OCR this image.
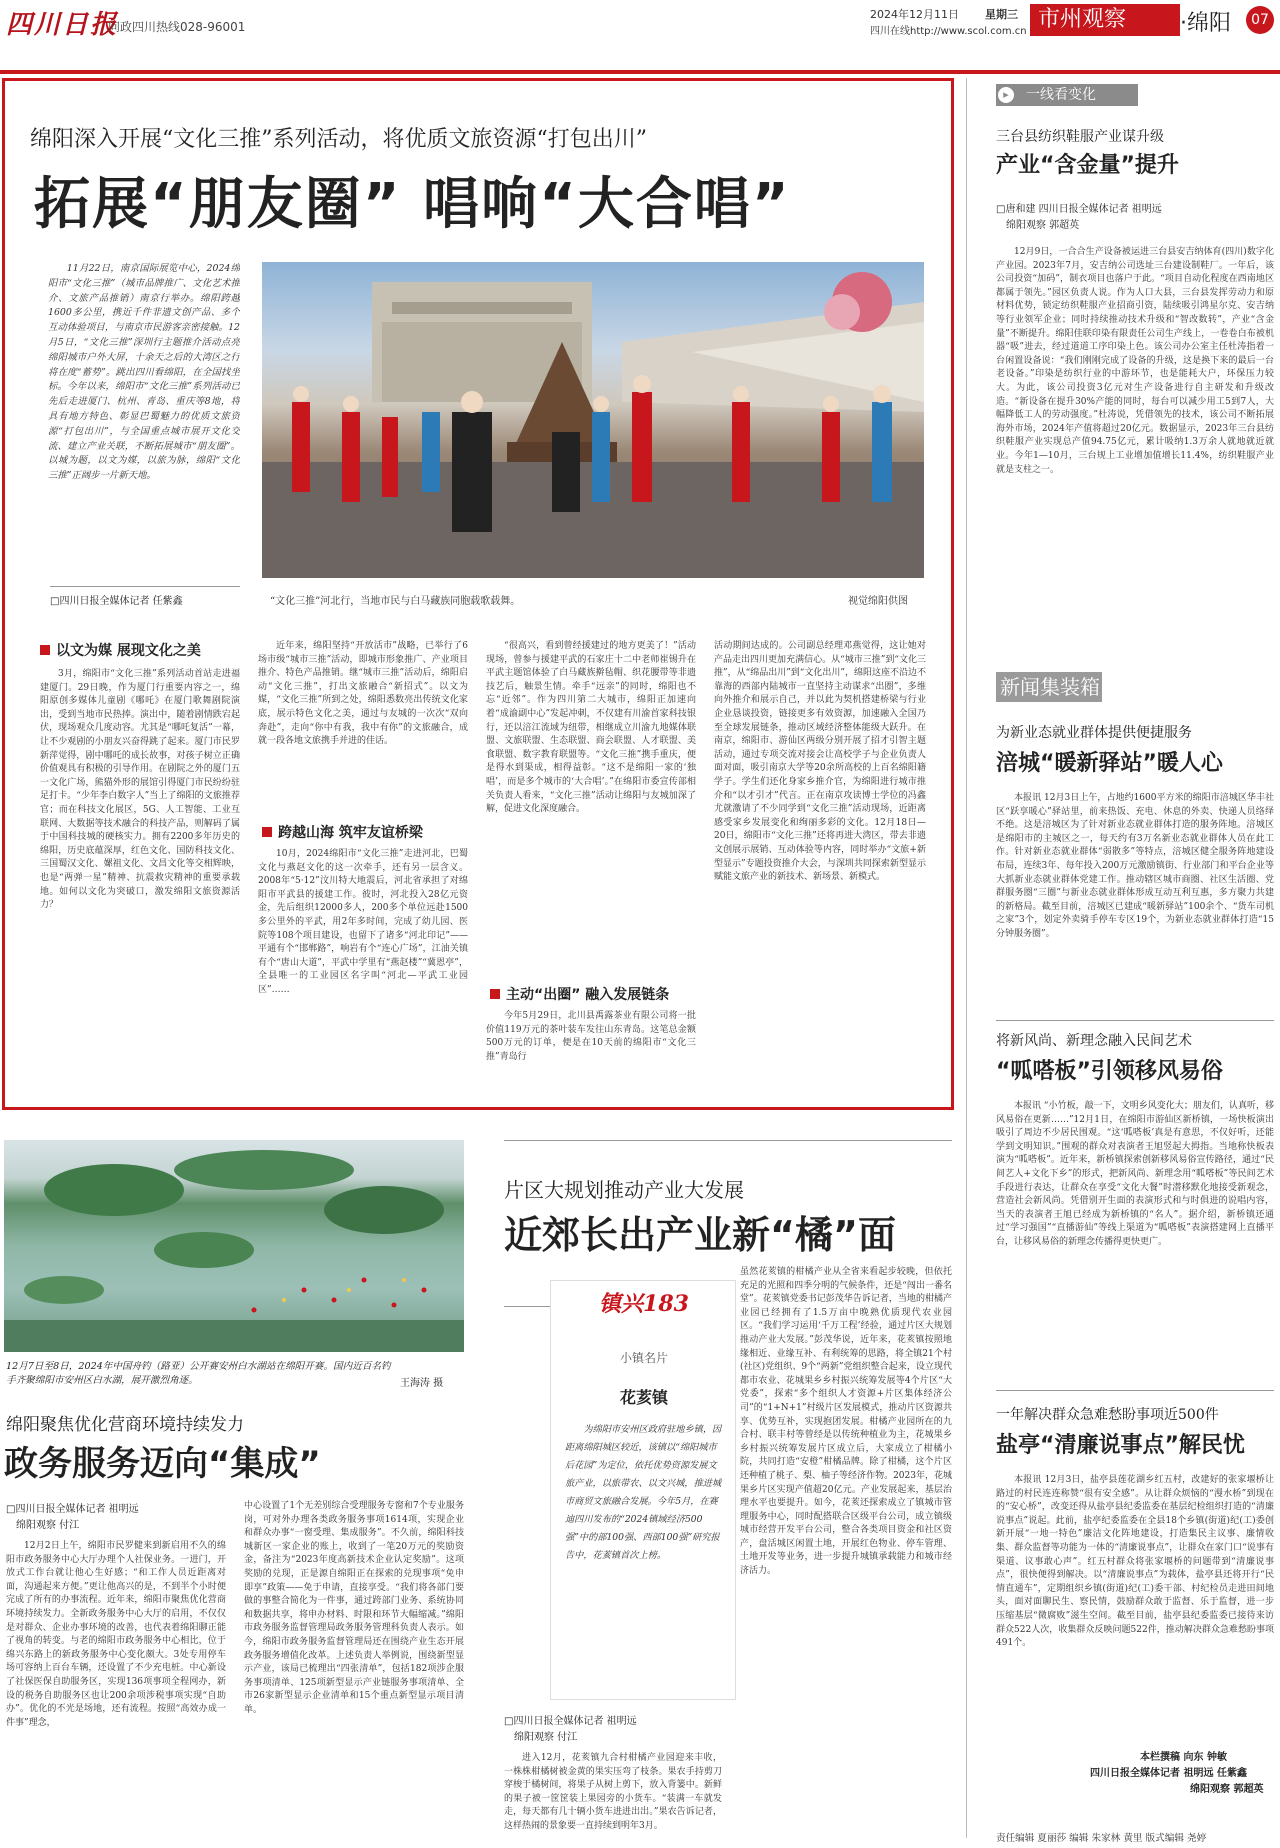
四川日报
问政四川热线028-96001
2024年12月11日 星期三
四川在线http://www.scol.com.cn 市州观察	·绵阳	07
绵阳深入开展“文化三推”系列活动，将优质文旅资源“打包出川”
拓展“朋友圈” 唱响“大合唱”
11月22日，南京国际展览中心，2024绵阳市“文化三推”（城市品牌推广、文化艺术推介、文旅产品推销）南京行举办。绵阳跨越1600多公里，携近千件非遗文创产品、多个互动体验项目，与南京市民游客亲密接触。12月5日，“文化三推”深圳行主题推介活动点亮绵阳城市户外大屏，十余天之后的大湾区之行将在度“蓄势”。跳出四川看绵阳，在全国找坐标。今年以来，绵阳市“文化三推”系列活动已先后走进厦门、杭州、青岛、重庆等8地，将具有地方特色、彰显巴蜀魅力的优质文旅资源“打包出川”，与全国重点城市展开文化交流、建立产业关联，不断拓展城市“朋友圈”。以城为题，以文为媒，以旅为脉，绵阳“文化三推”正阔步一片新天地。
□四川日报全媒体记者 任紫鑫	“文化三推”河北行，当地市民与白马藏族同胞载歌载舞。	视觉绵阳供图
以文为媒 展现文化之美

3月，绵阳市“文化三推”系列活动首站走进福建厦门。29日晚，作为厦门行重要内容之一，绵阳原创多媒体儿童剧《哪吒》在厦门歌舞剧院演出，受到当地市民热捧。演出中，随着剧情跌宕起伏，现场观众几度动容。尤其是“哪吒复活”一幕，让不少观剧的小朋友兴奋得跳了起来。厦门市民罗新萍觉得，剧中哪吒的成长故事，对孩子树立正确价值观具有积极的引导作用。在剧院之外的厦门五一文化广场，熊猫外形的展馆引得厦门市民纷纷驻足打卡。“少年李白数字人”当上了绵阳的文旅推荐官；而在科技文化展区，5G、人工智能、工业互联网、大数据等技术融合的科技产品，则解码了属于中国科技城的硬核实力。拥有2200多年历史的绵阳，历史底蕴深厚，红色文化、国防科技文化、三国蜀汉文化、嫘祖文化、文昌文化等交相辉映，也是“两弹一星”精神、抗震救灾精神的重要承载地。如何以文化为突破口，激发绵阳文旅资源活力？

近年来，绵阳坚持“开放活市”战略，已举行了6场市级“城市三推”活动，即城市形象推广、产业项目推介、特色产品推销。继“城市三推”活动后，绵阳启动“文化三推”，打出文旅融合“新招式”。以文为媒，“文化三推”所到之处，绵阳悉数亮出传统文化家底，展示特色文化之美，通过与友城的一次次“双向奔赴”，走向“你中有我，我中有你”的文旅融合，成就一段各地文旅携手并进的佳话。

跨越山海 筑牢友谊桥梁

10月，2024绵阳市“文化三推”走进河北，巴蜀文化与燕赵文化的这一次牵手，还有另一层含义。2008年“5·12”汶川特大地震后，河北省承担了对绵阳市平武县的援建工作。彼时，河北投入28亿元资金，先后组织12000多人，200多个单位远赴1500多公里外的平武，用2年多时间，完成了幼儿园、医院等108个项目建设，也留下了诸多“河北印记”——平通有个“邯郸路”，响岩有个“连心广场”，江油关镇有个“唐山大道”，平武中学里有“燕赵楼”“冀恩亭”，全县唯一的工业园区名字叫“河北—平武工业园区”……

“很高兴，看到曾经援建过的地方更美了！”活动现场，曾参与援建平武的石家庄十二中老师崔锡升在平武主题馆体验了白马藏族擀毡帽、织花腰带等非遗技艺后，触景生情。牵手“远亲”的同时，绵阳也不忘“近邻”。作为四川第二大城市，绵阳正加速向着“成渝副中心”发起冲刺，不仅建有川渝首家科技银行，还以涪江流域为纽带，相继成立川渝九地媒体联盟、文旅联盟、生态联盟、商会联盟、人才联盟、美食联盟、数字教育联盟等。“文化三推”携手重庆，便是得水到渠成，相得益彰。“这不是绵阳一家的‘独唱’，而是多个城市的‘大合唱’。”在绵阳市委宣传部相关负责人看来，“文化三推”活动让绵阳与友城加深了解，促进文化深度融合。

主动“出圈” 融入发展链条

今年5月29日，北川县禹露茶业有限公司将一批价值119万元的茶叶装车发往山东青岛。这笔总金额500万元的订单，便是在10天前的绵阳市“文化三推”青岛行

活动期间达成的。公司副总经理邓燕觉得，这让她对产品走出四川更加充满信心。从“城市三推”到“文化三推”，从“绵品出川”到“文化出川”，绵阳这座不沿边不靠海的西部内陆城市一直坚持主动谋求“出圈”，多维向外推介和展示自己，并以此为契机搭建桥梁与行业企业恳谈投资，链接更多有效资源，加速融入全国乃至全球发展链条，推动区域经济整体能级大跃升。在南京，绵阳市、游仙区两级分别开展了招才引智主题活动，通过专项交流对接会让高校学子与企业负责人面对面，吸引南京大学等20余所高校的上百名绵阳籍学子。学生们还化身家乡推介官，为绵阳进行城市推介和“以才引才”代言。正在南京攻读博士学位的冯鑫尤就激请了不少同学到“文化三推”活动现场，近距离感受家乡发展变化和绚丽多彩的文化。12月18日—20日，绵阳市“文化三推”还将再进大湾区，带去非遗文创展示展销、互动体验等内容，同时举办“文旅+新型显示”专题投资推介大会，与深圳共同探索新型显示赋能文旅产业的新技术、新场景、新模式。

一线看变化
▸
三台县纺织鞋服产业谋升级
产业“含金量”提升
□唐和建 四川日报全媒体记者 祖明远
绵阳观察 郭超英

12月9日，一合合生产设备被运进三台县安吉纳体育(四川)数字化产业园。2023年7月，安吉纳公司选址三台建设制鞋厂。一年后，该公司投资“加码”，制衣项目也落户于此。“项目自动化程度在西南地区都属于领先。”园区负责人说。作为人口大县，三台县发挥劳动力和原材料优势，锁定纺织鞋服产业招商引资，陆续吸引鸿星尔克、安吉纳等行业领军企业；同时持续推动技术升级和“智改数转”，产业“含金量”不断提升。绵阳佳联印染有限责任公司生产线上，一卷卷白布被机器“吸”进去，经过道道工序印染上色。该公司办公室主任杜涛指着一台闲置设备说：“我们刚刚完成了设备的升级，这是换下来的最后一台老设备。”印染是纺织行业的中游环节，也是能耗大户，环保压力较大。为此，该公司投资3亿元对生产设备进行自主研发和升级改造。“新设备在提升30%产能的同时，每台可以减少用工5到7人，大幅降低工人的劳动强度。”杜涛说，凭借领先的技术，该公司不断拓展海外市场，2024年产值将超过20亿元。数据显示，2023年三台县纺织鞋服产业实现总产值94.75亿元，累计吸纳1.3万余人就地就近就业。今年1—10月，三台规上工业增加值增长11.4%，纺织鞋服产业就是支柱之一。

新闻集装箱
为新业态就业群体提供便捷服务
涪城“暖新驿站”暖人心

本报讯 12月3日上午，占地约1600平方米的绵阳市涪城区华丰社区“跃享暖心”驿站里，前来热饭、充电、休息的外卖、快递人员络绎不绝。这是涪城区为了针对新业态就业群体打造的服务阵地。涪城区是绵阳市的主城区之一，每天约有3万名新业态就业群体人员在此工作。针对新业态就业群体“弱散多”等特点，涪城区健全服务阵地建设布局，连续3年、每年投入200万元激励镇街、行业部门和平台企业等大抓新业态就业群体党建工作。推动辖区城市商圈、社区生活圈、党群服务圈“三圈”与新业态就业群体形成互动互利互惠，多方聚力共建的新格局。截至目前，涪城区已建成“暖新驿站”100余个、“货车司机之家”3个，划定外卖骑手停车专区19个，为新业态就业群体打造“15分钟服务圈”。

将新风尚、新理念融入民间艺术
“呱嗒板”引领移风易俗

本报讯 “小竹板，敲一下，文明乡风变化大；朋友们，认真听，移风易俗在更新……”12月1日，在绵阳市游仙区新桥镇，一场快板演出吸引了周边不少居民围观。“这‘呱嗒板’真是有意思，不仅好听，还能学到文明知识。”围观的群众对表演者王旭竖起大拇指。当地称快板表演为“呱嗒板”。近年来，新桥镇探索创新移风易俗宣传路径，通过“民间艺人+文化下乡”的形式，把新风尚、新理念用“呱嗒板”等民间艺术手段进行表达，让群众在享受“文化大餐”时潜移默化地接受新观念，营造社会新风尚。凭借别开生面的表演形式和与时俱进的说唱内容，当天的表演者王旭已经成为新桥镇的“名人”。据介绍，新桥镇还通过“学习强国”“直播游仙”等线上渠道为“呱嗒板”表演搭建网上直播平台，让移风易俗的新理念传播得更快更广。

一年解决群众急难愁盼事项近500件
盐亭“清廉说事点”解民忧

本报讯 12月3日，盐亭县莲花湖乡红五村，改建好的张家堰桥让路过的村民连连称赞“很有安全感”。从让群众烦恼的“漫水桥”到现在的“安心桥”，改变还得从盐亭县纪委监委在基层纪检组织打造的“清廉说事点”说起。此前，盐亭纪委监委在全县18个乡镇(街道)纪(工)委创新开展“一地一特色”廉洁文化阵地建设，打造集民主议事、廉情收集、群众监督等功能为一体的“清廉说事点”，让群众在家门口“说事有渠道、议事敢心声”。红五村群众将张家堰桥的问题带到“清廉说事点”，很快便得到解决。以“清廉说事点”为载体，盐亭县还将开行“民情直通车”，定期组织乡镇(街道)纪(工)委干部、村纪检员走进田间地头，面对面聊民生、察民情，鼓励群众敢于监督、乐于监督，进一步压缩基层“微腐败”滋生空间。截至目前，盐亭县纪委监委已接待来访群众522人次，收集群众反映问题522件，推动解决群众急难愁盼事项491个。

本栏撰稿 向东 钟敏
四川日报全媒体记者 祖明远 任紫鑫
绵阳观察 郭超英
12月7日至8日，2024年中国舟钓（路亚）公开赛安州白水湖站在绵阳开赛。国内近百名钓
手齐聚绵阳市安州区白水湖，展开激烈角逐。	王海涛 摄
绵阳聚焦优化营商环境持续发力
政务服务迈向“集成”
□四川日报全媒体记者 祖明远
绵阳观察 付江

12月2日上午，绵阳市民罗健来到新启用不久的绵阳市政务服务中心大厅办理个人社保业务。一进门，开放式工作台就让他心生好感；“和工作人员近距离对面，沟通起来方便。”更让他高兴的是，不到半个小时便完成了所有的办事流程。近年来，绵阳市聚焦优化营商环境持续发力。全新政务服务中心大厅的启用，不仅仅是对群众、企业办事环境的改善，也代表着绵阳聊正能了视角的转变。与老的绵阳市政务服务中心相比，位于绵兴东路上的新政务服务中心变化颇大。3处专用停车场可容纳上百台车辆，还设置了不少充电桩。中心新设了社保医保自助服务区，实现136项事项全程网办，新设的税务自助服务区也让200余项涉税事项实现“自助办”。优化的不光是场地，还有流程。按照“高效办成一件事”理念，

中心设置了1个无差别综合受理服务专窗和7个专业服务岗，可对外办理各类政务服务事项1614项，实现企业和群众办事“一窗受理、集成服务”。不久前，绵阳科技城新区一家企业的账上，收到了一笔20万元的奖励资金，备注为“2023年度高新技术企业认定奖励”。这项奖励的兑现，正是源自绵阳正在探索的兑现事项“免申即享”政策——免于申请，直接享受。“我们将各部门要做的事整合简化为一件事，通过跨部门业务、系统协同和数据共享，将申办材料、时限和环节大幅缩减。”绵阳市政务服务监督管理局政务服务管理科负责人表示。如今，绵阳市政务服务监督管理局还在围绕产业生态开展政务服务增值化改革。上述负责人举例说，围绕新型显示产业，该局已梳理出“四张清单”，包括182项涉企服务事项清单、125项新型显示产业链服务事项清单、全市26家新型显示企业清单和15个重点新型显示项目清单。

片区大规划推动产业大发展
近郊长出产业新“橘”面
镇兴183
小镇名片
花荄镇
为绵阳市安州区政府驻地乡镇，因距离绵阳城区较近，该镇以“绵阳城市后花园”为定位，依托优势资源发展文旅产业，以旅带农、以文兴城，推进城市商贸文旅融合发展。今年5月，在赛迪四川发布的“2024镇域经济500强”中的部100强、西部100强”研究报告中，花荄镇首次上榜。
□四川日报全媒体记者 祖明远
绵阳观察 付江

进入12月，花荄镇九合村柑橘产业园迎来丰收，一株株柑橘树被金黄的果实压弯了枝条。果农手持剪刀穿梭于橘树间，将果子从树上剪下，放入背篓中。新鲜的果子被一筐筐装上果园旁的小货车。“装满一车就发走，每天都有几十辆小货车进进出出。”果农告诉记者，这样热闹的景象要一直持续到明年3月。

虽然花荄镇的柑橘产业从全省来看起步较晚，但依托充足的光照和四季分明的气候条件，还是“闯出一番名堂”。花荄镇党委书记彭茂华告诉记者，当地的柑橘产业园已经拥有了1.5万亩中晚熟优质现代农业园区。“我们学习运用‘千万工程’经验，通过片区大规划推动产业大发展。”彭茂华说，近年来，花荄镇按照地缘相近、业缘互补、有利统筹的思路，将全镇21个村(社区)党组织、9个“两新”党组织整合起来，设立现代都市农业、花城果乡乡村振兴统筹发展等4个片区“大党委”，探索“多个组织人才资源+片区集体经济公司”的“1+N+1”村级片区发展模式，推动片区资源共享、优势互补，实现抱团发展。柑橘产业园所在的九合村、联丰村等曾经是以传统种植业为主，花城果乡乡村振兴统筹发展片区成立后，大家成立了柑橘小院，共同打造“安橙”柑橘品牌。除了柑橘，这个片区还种植了桃子、梨、柚子等经济作物。2023年，花城果乡片区实现产值超20亿元。产业发展起来，基层治理水平也要提升。如今，花荄还探索成立了镇城市管理服务中心，同时配搭联合区级平台公司，成立镇级城市经营开发平台公司，整合各类项目资金和社区资产，盘活城区闲置土地，开展红色物业、停车管理、土地开发等业务，进一步提升城镇承载能力和城市经济活力。

责任编辑 夏丽莎 编辑 朱家林 黄里 版式编辑 尧婷
